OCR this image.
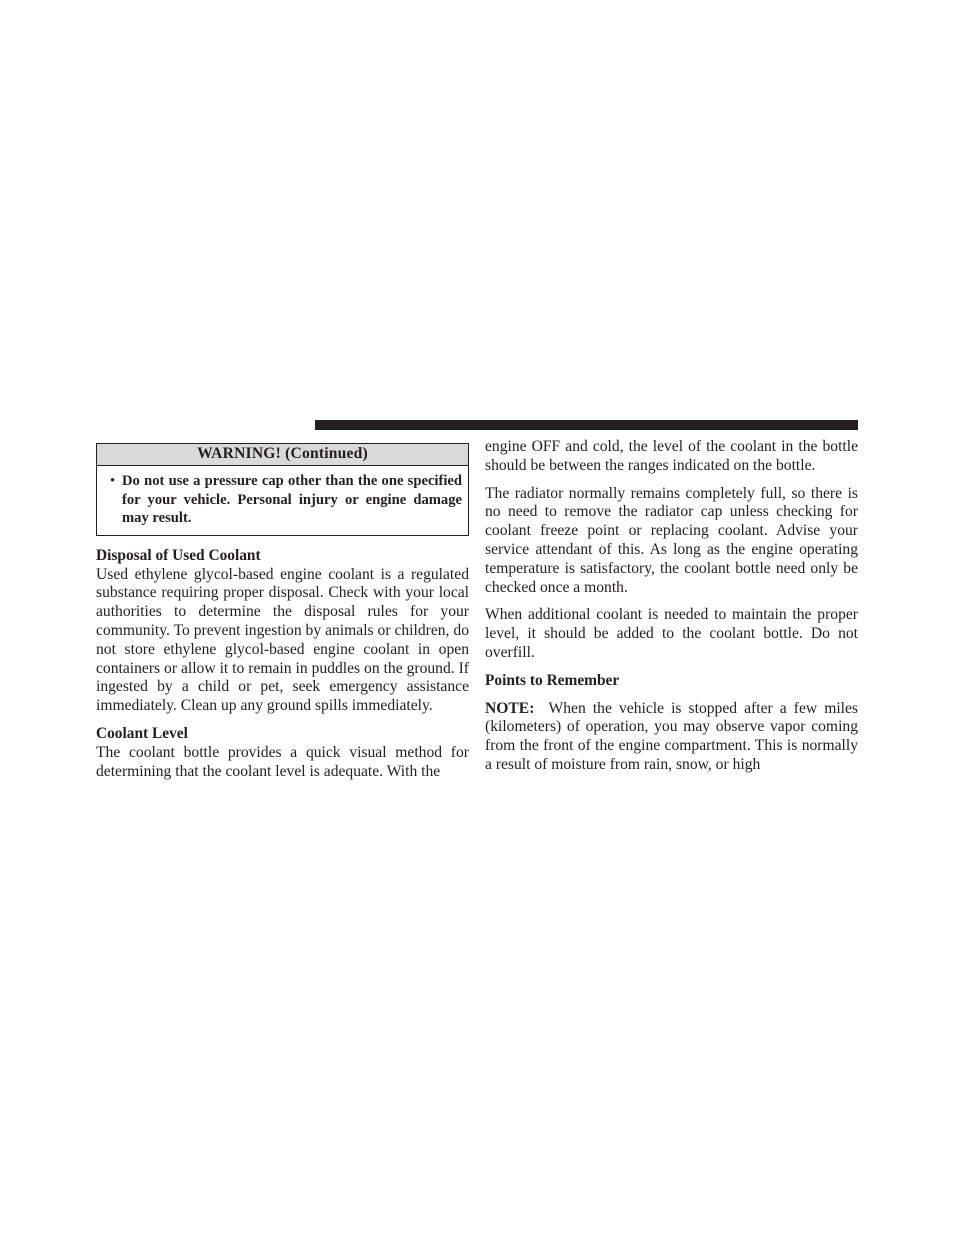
WARNING! (Continued)
• Do not use a pressure cap other than the one specified for your vehicle. Personal injury or engine damage may result.
Disposal of Used Coolant

Used ethylene glycol-based engine coolant is a regulated substance requiring proper disposal. Check with your local authorities to determine the disposal rules for your community. To prevent ingestion by animals or children, do not store ethylene glycol-based engine coolant in open containers or allow it to remain in puddles on the ground. If ingested by a child or pet, seek emergency assistance immediately. Clean up any ground spills immediately.

Coolant Level

The coolant bottle provides a quick visual method for determining that the coolant level is adequate. With the

engine OFF and cold, the level of the coolant in the bottle should be between the ranges indicated on the bottle.

The radiator normally remains completely full, so there is no need to remove the radiator cap unless checking for coolant freeze point or replacing coolant. Advise your service attendant of this. As long as the engine operating temperature is satisfactory, the coolant bottle need only be checked once a month.

When additional coolant is needed to maintain the proper level, it should be added to the coolant bottle. Do not overfill.

Points to Remember

NOTE: When the vehicle is stopped after a few miles (kilometers) of operation, you may observe vapor coming from the front of the engine compartment. This is normally a result of moisture from rain, snow, or high
